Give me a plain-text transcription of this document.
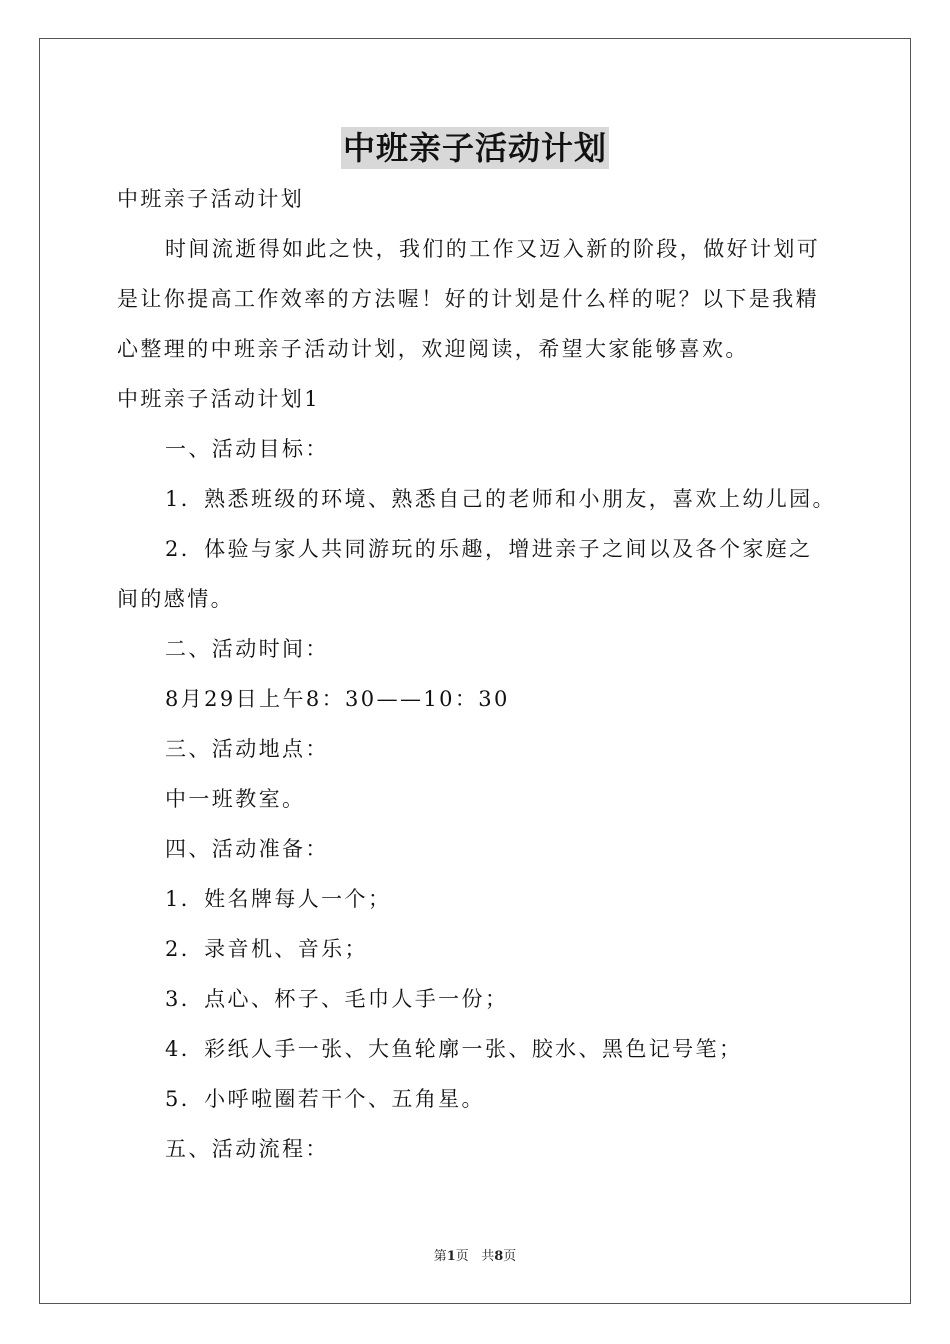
中班亲子活动计划

中班亲子活动计划

时间流逝得如此之快，我们的工作又迈入新的阶段，做好计划可

是让你提高工作效率的方法喔！好的计划是什么样的呢？以下是我精

心整理的中班亲子活动计划，欢迎阅读，希望大家能够喜欢。

中班亲子活动计划1

一、活动目标：

1．熟悉班级的环境、熟悉自己的老师和小朋友，喜欢上幼儿园。

2．体验与家人共同游玩的乐趣，增进亲子之间以及各个家庭之

间的感情。

二、活动时间：

8月29日上午8：30——10：30

三、活动地点：

中一班教室。

四、活动准备：

1．姓名牌每人一个；

2．录音机、音乐；

3．点心、杯子、毛巾人手一份；

4．彩纸人手一张、大鱼轮廓一张、胶水、黑色记号笔；

5．小呼啦圈若干个、五角星。

五、活动流程：

第1页 共8页
